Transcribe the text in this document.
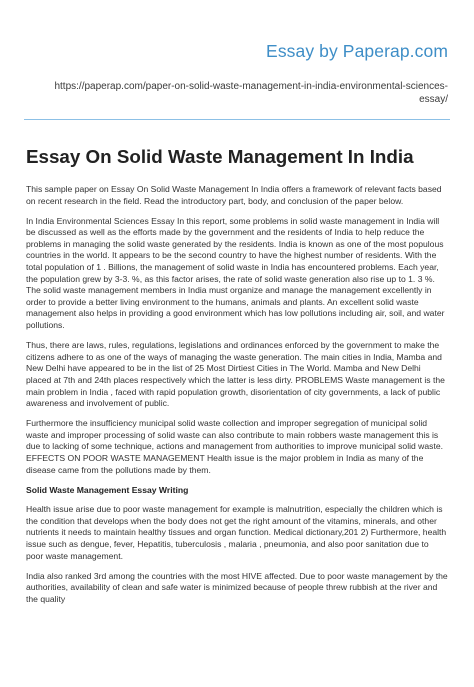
Essay by Paperap.com
https://paperap.com/paper-on-solid-waste-management-in-india-environmental-sciences-essay/
Essay On Solid Waste Management In India

This sample paper on Essay On Solid Waste Management In India offers a framework of relevant facts based on recent research in the field. Read the introductory part, body, and conclusion of the paper below.

In India Environmental Sciences Essay In this report, some problems in solid waste management in India will be discussed as well as the efforts made by the government and the residents of India to help reduce the problems in managing the solid waste generated by the residents. India is known as one of the most populous countries in the world. It appears to be the second country to have the highest number of residents. With the total population of 1 . Billions, the management of solid waste in India has encountered problems. Each year, the population grew by 3-3. %, as this factor arises, the rate of solid waste generation also rise up to 1. 3 %. The solid waste management members in India must organize and manage the management excellently in order to provide a better living environment to the humans, animals and plants. An excellent solid waste management also helps in providing a good environment which has low pollutions including air, soil, and water pollutions.

Thus, there are laws, rules, regulations, legislations and ordinances enforced by the government to make the citizens adhere to as one of the ways of managing the waste generation. The main cities in India, Mamba and New Delhi have appeared to be in the list of 25 Most Dirtiest Cities in The World. Mamba and New Delhi placed at 7th and 24th places respectively which the latter is less dirty. PROBLEMS Waste management is the main problem in India , faced with rapid population growth, disorientation of city governments, a lack of public awareness and involvement of public.

Furthermore the insufficiency municipal solid waste collection and improper segregation of municipal solid waste and improper processing of solid waste can also contribute to main robbers waste management this is due to lacking of some technique, actions and management from authorities to improve municipal solid waste. EFFECTS ON POOR WASTE MANAGEMENT Health issue is the major problem in India as many of the disease came from the pollutions made by them.

Solid Waste Management Essay Writing

Health issue arise due to poor waste management for example is malnutrition, especially the children which is the condition that develops when the body does not get the right amount of the vitamins, minerals, and other nutrients it needs to maintain healthy tissues and organ function. Medical dictionary,201 2) Furthermore, health issue such as dengue, fever, Hepatitis, tuberculosis , malaria , pneumonia, and also poor sanitation due to poor waste management.

India also ranked 3rd among the countries with the most HIVE affected. Due to poor waste management by the authorities, availability of clean and safe water is minimized because of people threw rubbish at the river and the quality
